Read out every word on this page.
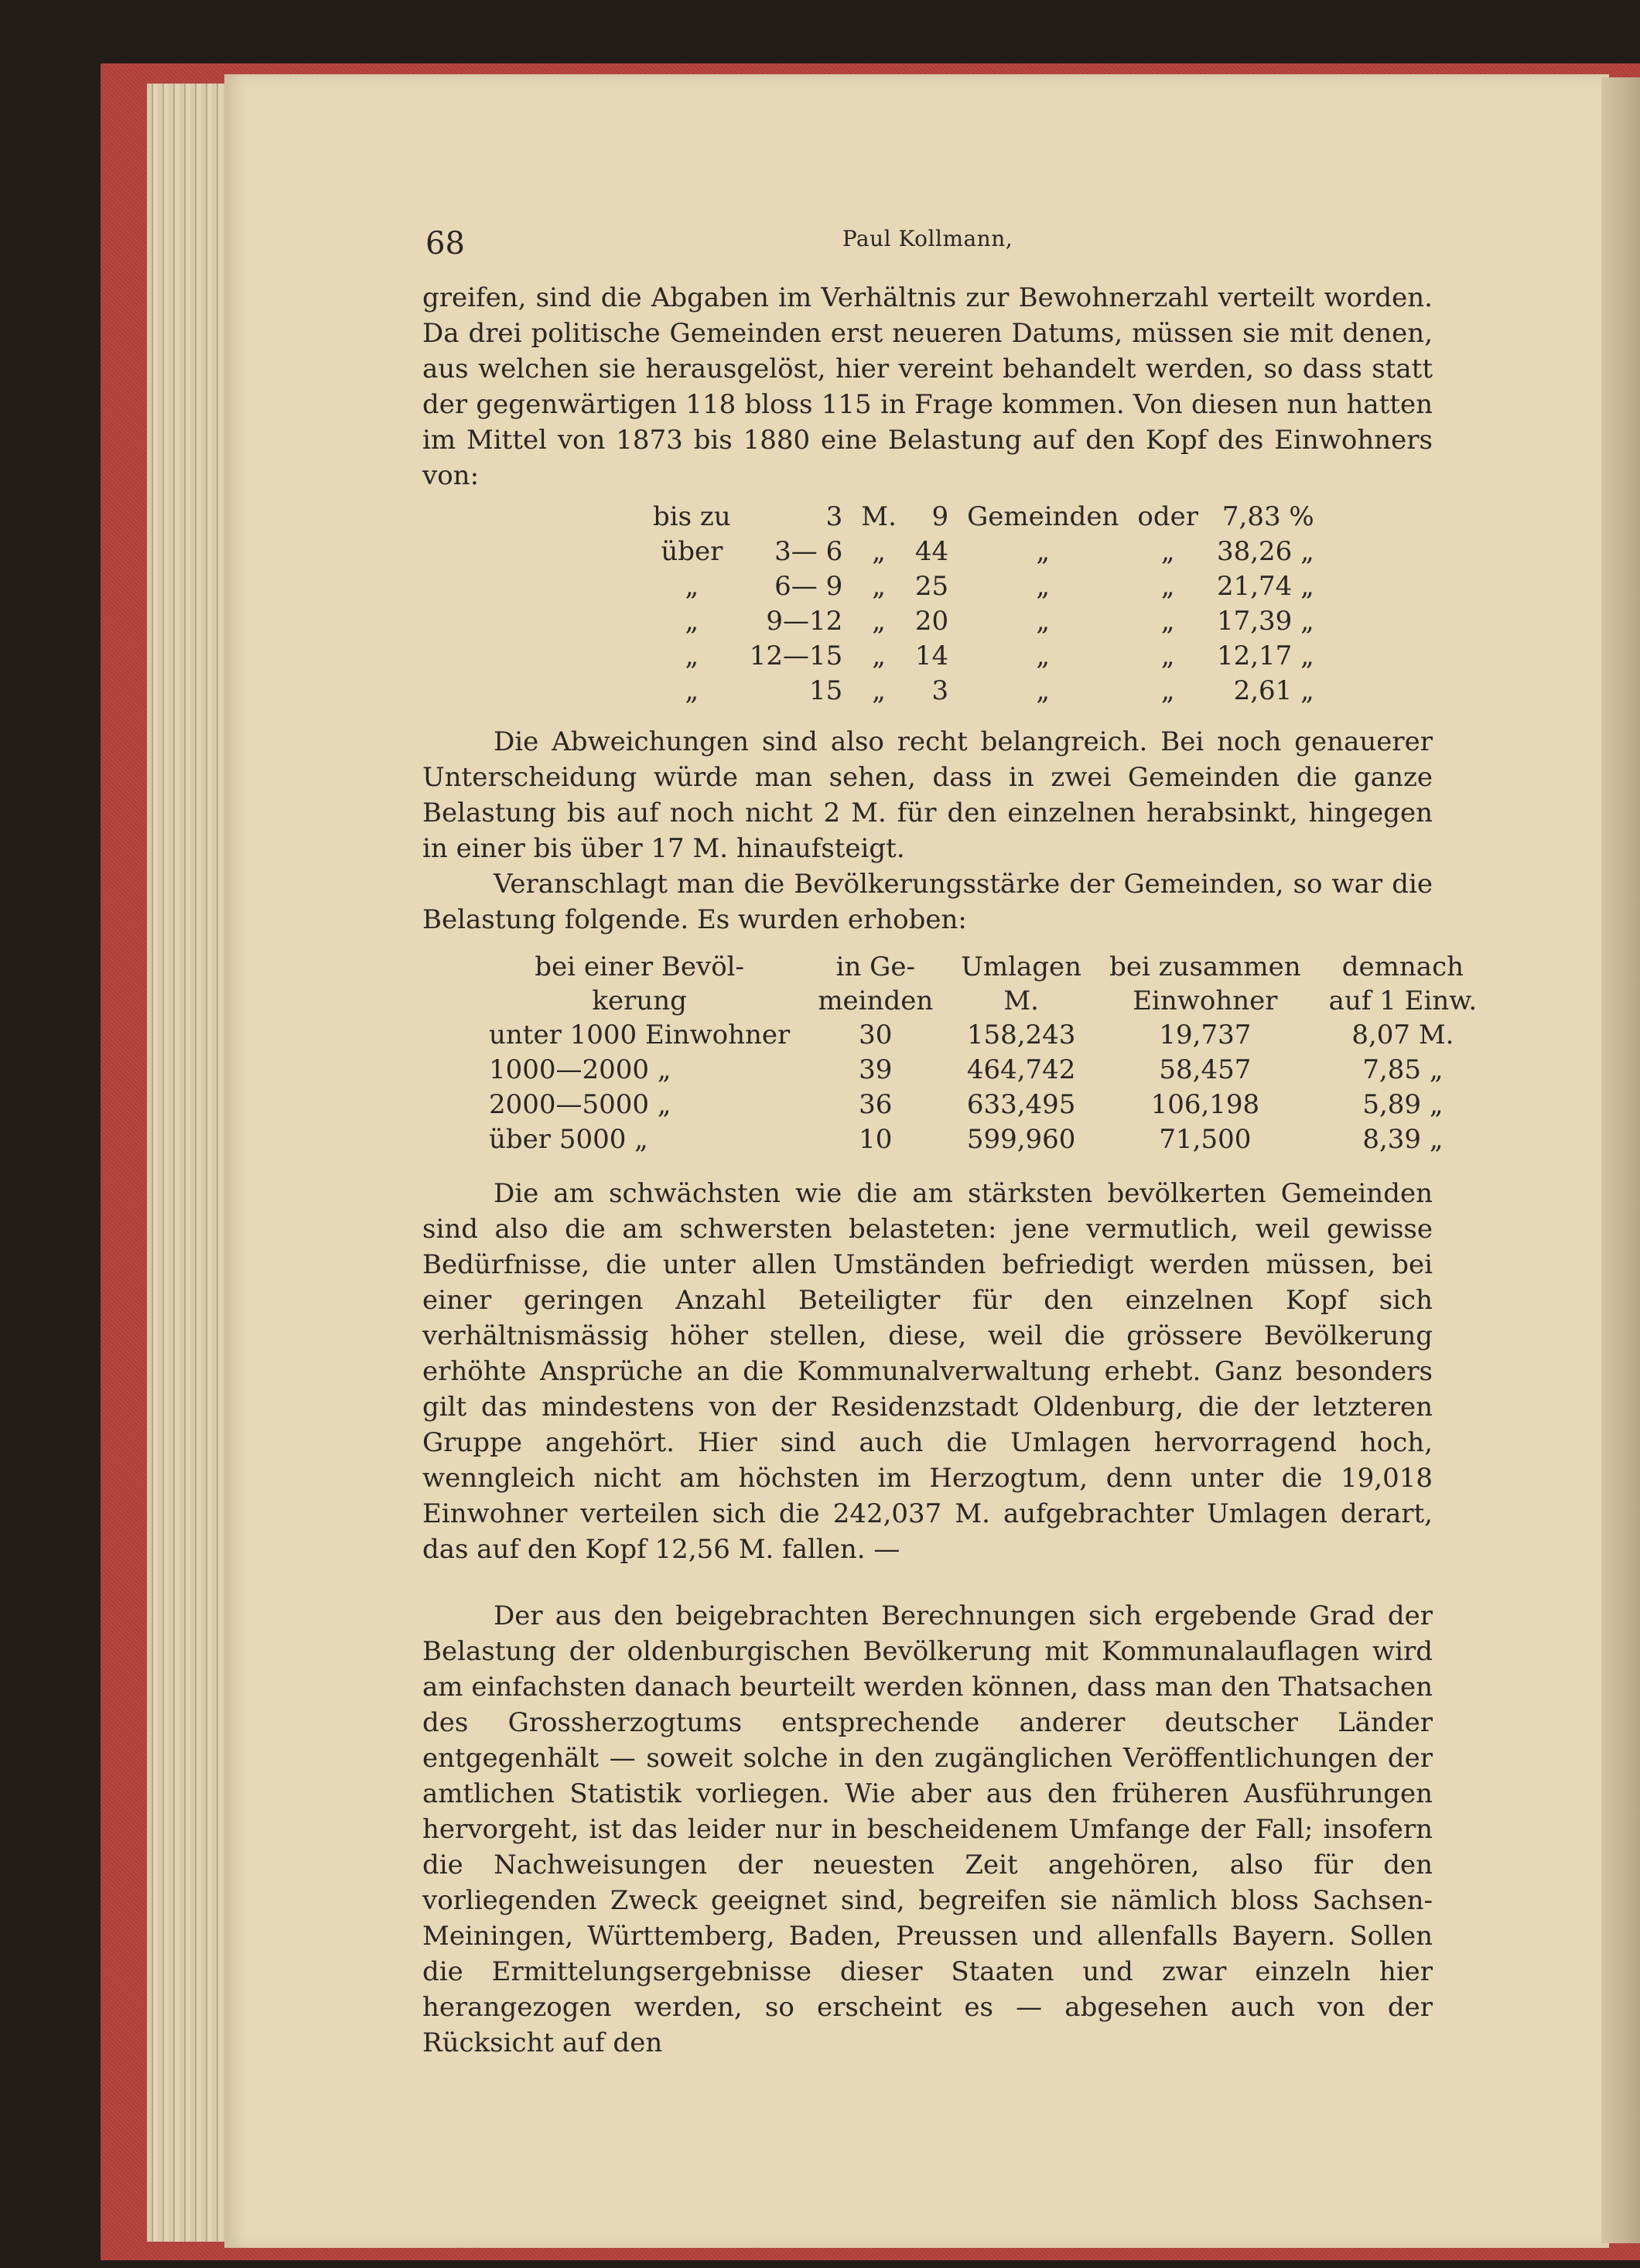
68	Paul Kollmann,

greifen, sind die Abgaben im Verhältnis zur Bewohnerzahl verteilt worden. Da drei politische Gemeinden erst neueren Datums, müssen sie mit denen, aus welchen sie herausgelöst, hier vereint behandelt werden, so dass statt der gegenwärtigen 118 bloss 115 in Frage kommen. Von diesen nun hatten im Mittel von 1873 bis 1880 eine Belastung auf den Kopf des Einwohners von:

bis zu	3	M.	9	Gemeinden	oder	7,83 %
über	3— 6	„	44	„	„	38,26 „
„	6— 9	„	25	„	„	21,74 „
„	9—12	„	20	„	„	17,39 „
„	12—15	„	14	„	„	12,17 „
„	15	„	3	„	„	2,61 „

Die Abweichungen sind also recht belangreich. Bei noch genauerer Unterscheidung würde man sehen, dass in zwei Gemeinden die ganze Belastung bis auf noch nicht 2 M. für den einzelnen herabsinkt, hingegen in einer bis über 17 M. hinaufsteigt.

Veranschlagt man die Bevölkerungsstärke der Gemeinden, so war die Belastung folgende. Es wurden erhoben:

bei einer Bevöl-	in Ge-	Umlagen	bei zusammen	demnach
kerung	meinden	M.	Einwohner	auf 1 Einw.
unter 1000 Einwohner	30	158,243	19,737	8,07 M.
1000—2000 „	39	464,742	58,457	7,85 „
2000—5000 „	36	633,495	106,198	5,89 „
über 5000 „	10	599,960	71,500	8,39 „

Die am schwächsten wie die am stärksten bevölkerten Gemeinden sind also die am schwersten belasteten: jene vermutlich, weil gewisse Bedürfnisse, die unter allen Umständen befriedigt werden müssen, bei einer geringen Anzahl Beteiligter für den einzelnen Kopf sich verhältnismässig höher stellen, diese, weil die grössere Bevölkerung erhöhte Ansprüche an die Kommunalverwaltung erhebt. Ganz besonders gilt das mindestens von der Residenzstadt Oldenburg, die der letzteren Gruppe angehört. Hier sind auch die Umlagen hervorragend hoch, wenngleich nicht am höchsten im Herzogtum, denn unter die 19,018 Einwohner verteilen sich die 242,037 M. aufgebrachter Umlagen derart, das auf den Kopf 12,56 M. fallen. —

Der aus den beigebrachten Berechnungen sich ergebende Grad der Belastung der oldenburgischen Bevölkerung mit Kommunalauflagen wird am einfachsten danach beurteilt werden können, dass man den Thatsachen des Grossherzogtums entsprechende anderer deutscher Länder entgegenhält — soweit solche in den zugänglichen Veröffentlichungen der amtlichen Statistik vorliegen. Wie aber aus den früheren Ausführungen hervorgeht, ist das leider nur in bescheidenem Umfange der Fall; insofern die Nachweisungen der neuesten Zeit angehören, also für den vorliegenden Zweck geeignet sind, begreifen sie nämlich bloss Sachsen-Meiningen, Württemberg, Baden, Preussen und allenfalls Bayern. Sollen die Ermittelungsergebnisse dieser Staaten und zwar einzeln hier herangezogen werden, so erscheint es — abgesehen auch von der Rücksicht auf den
